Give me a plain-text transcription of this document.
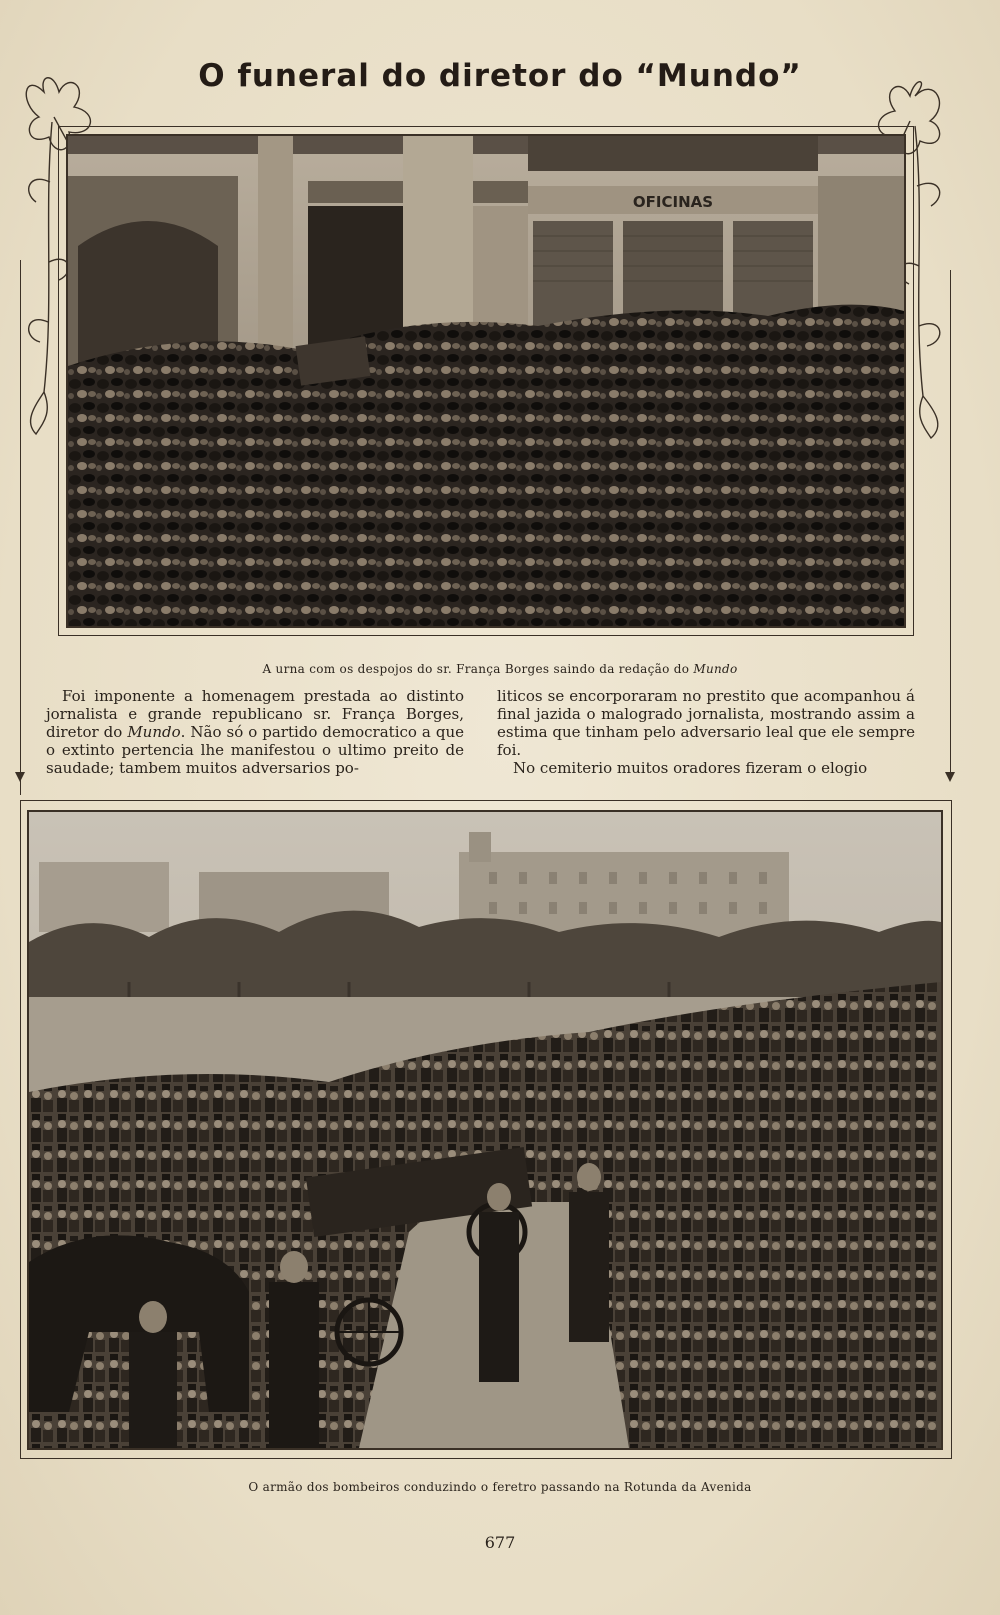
O funeral do diretor do “Mundo”
OFICINAS
A urna com os despojos do sr. França Borges saindo da redação do Mundo

Foi imponente a homenagem prestada ao distinto jornalista e grande republicano sr. França Borges, diretor do Mundo. Não só o partido democratico a que o extinto pertencia lhe manifestou o ultimo preito de saudade; tambem muitos adversarios po-

liticos se encorporaram no prestito que acompanhou á final jazida o malogrado jornalista, mostrando assim a estima que tinham pelo adversario leal que ele sempre foi.

No cemiterio muitos oradores fizeram o elogio

O armão dos bombeiros conduzindo o feretro passando na Rotunda da Avenida
677
